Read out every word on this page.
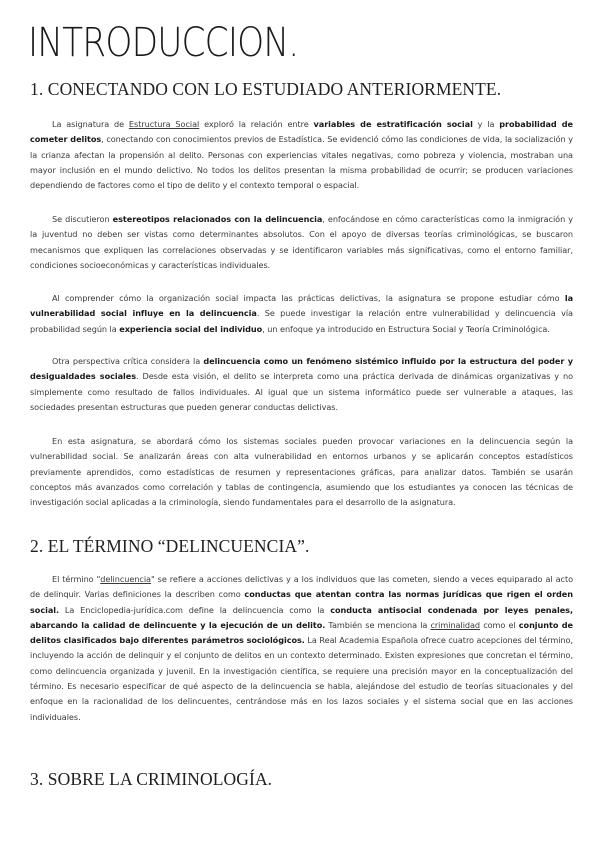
INTRODUCCION.
1. CONECTANDO CON LO ESTUDIADO ANTERIORMENTE.
La asignatura de Estructura Social exploró la relación entre variables de estratificación social y la probabilidad de cometer delitos, conectando con conocimientos previos de Estadística. Se evidenció cómo las condiciones de vida, la socialización y la crianza afectan la propensión al delito. Personas con experiencias vitales negativas, como pobreza y violencia, mostraban una mayor inclusión en el mundo delictivo. No todos los delitos presentan la misma probabilidad de ocurrir; se producen variaciones dependiendo de factores como el tipo de delito y el contexto temporal o espacial.
Se discutieron estereotipos relacionados con la delincuencia, enfocándose en cómo características como la inmigración y la juventud no deben ser vistas como determinantes absolutos. Con el apoyo de diversas teorías criminológicas, se buscaron mecanismos que expliquen las correlaciones observadas y se identificaron variables más significativas, como el entorno familiar, condiciones socioeconómicas y características individuales.
Al comprender cómo la organización social impacta las prácticas delictivas, la asignatura se propone estudiar cómo la vulnerabilidad social influye en la delincuencia. Se puede investigar la relación entre vulnerabilidad y delincuencia vía probabilidad según la experiencia social del individuo, un enfoque ya introducido en Estructura Social y Teoría Criminológica.
Otra perspectiva crítica considera la delincuencia como un fenómeno sistémico influido por la estructura del poder y desigualdades sociales. Desde esta visión, el delito se interpreta como una práctica derivada de dinámicas organizativas y no simplemente como resultado de fallos individuales. Al igual que un sistema informático puede ser vulnerable a ataques, las sociedades presentan estructuras que pueden generar conductas delictivas.
En esta asignatura, se abordará cómo los sistemas sociales pueden provocar variaciones en la delincuencia según la vulnerabilidad social. Se analizarán áreas con alta vulnerabilidad en entornos urbanos y se aplicarán conceptos estadísticos previamente aprendidos, como estadísticas de resumen y representaciones gráficas, para analizar datos. También se usarán conceptos más avanzados como correlación y tablas de contingencia, asumiendo que los estudiantes ya conocen las técnicas de investigación social aplicadas a la criminología, siendo fundamentales para el desarrollo de la asignatura.
2. EL TÉRMINO “DELINCUENCIA”.
El término "delincuencia" se refiere a acciones delictivas y a los individuos que las cometen, siendo a veces equiparado al acto de delinquir. Varias definiciones la describen como conductas que atentan contra las normas jurídicas que rigen el orden social. La Enciclopedia-jurídica.com define la delincuencia como la conducta antisocial condenada por leyes penales, abarcando la calidad de delincuente y la ejecución de un delito. También se menciona la criminalidad como el conjunto de delitos clasificados bajo diferentes parámetros sociológicos. La Real Academia Española ofrece cuatro acepciones del término, incluyendo la acción de delinquir y el conjunto de delitos en un contexto determinado. Existen expresiones que concretan el término, como delincuencia organizada y juvenil. En la investigación científica, se requiere una precisión mayor en la conceptualización del término. Es necesario especificar de qué aspecto de la delincuencia se habla, alejándose del estudio de teorías situacionales y del enfoque en la racionalidad de los delincuentes, centrándose más en los lazos sociales y el sistema social que en las acciones individuales.
3. SOBRE LA CRIMINOLOGÍA.
